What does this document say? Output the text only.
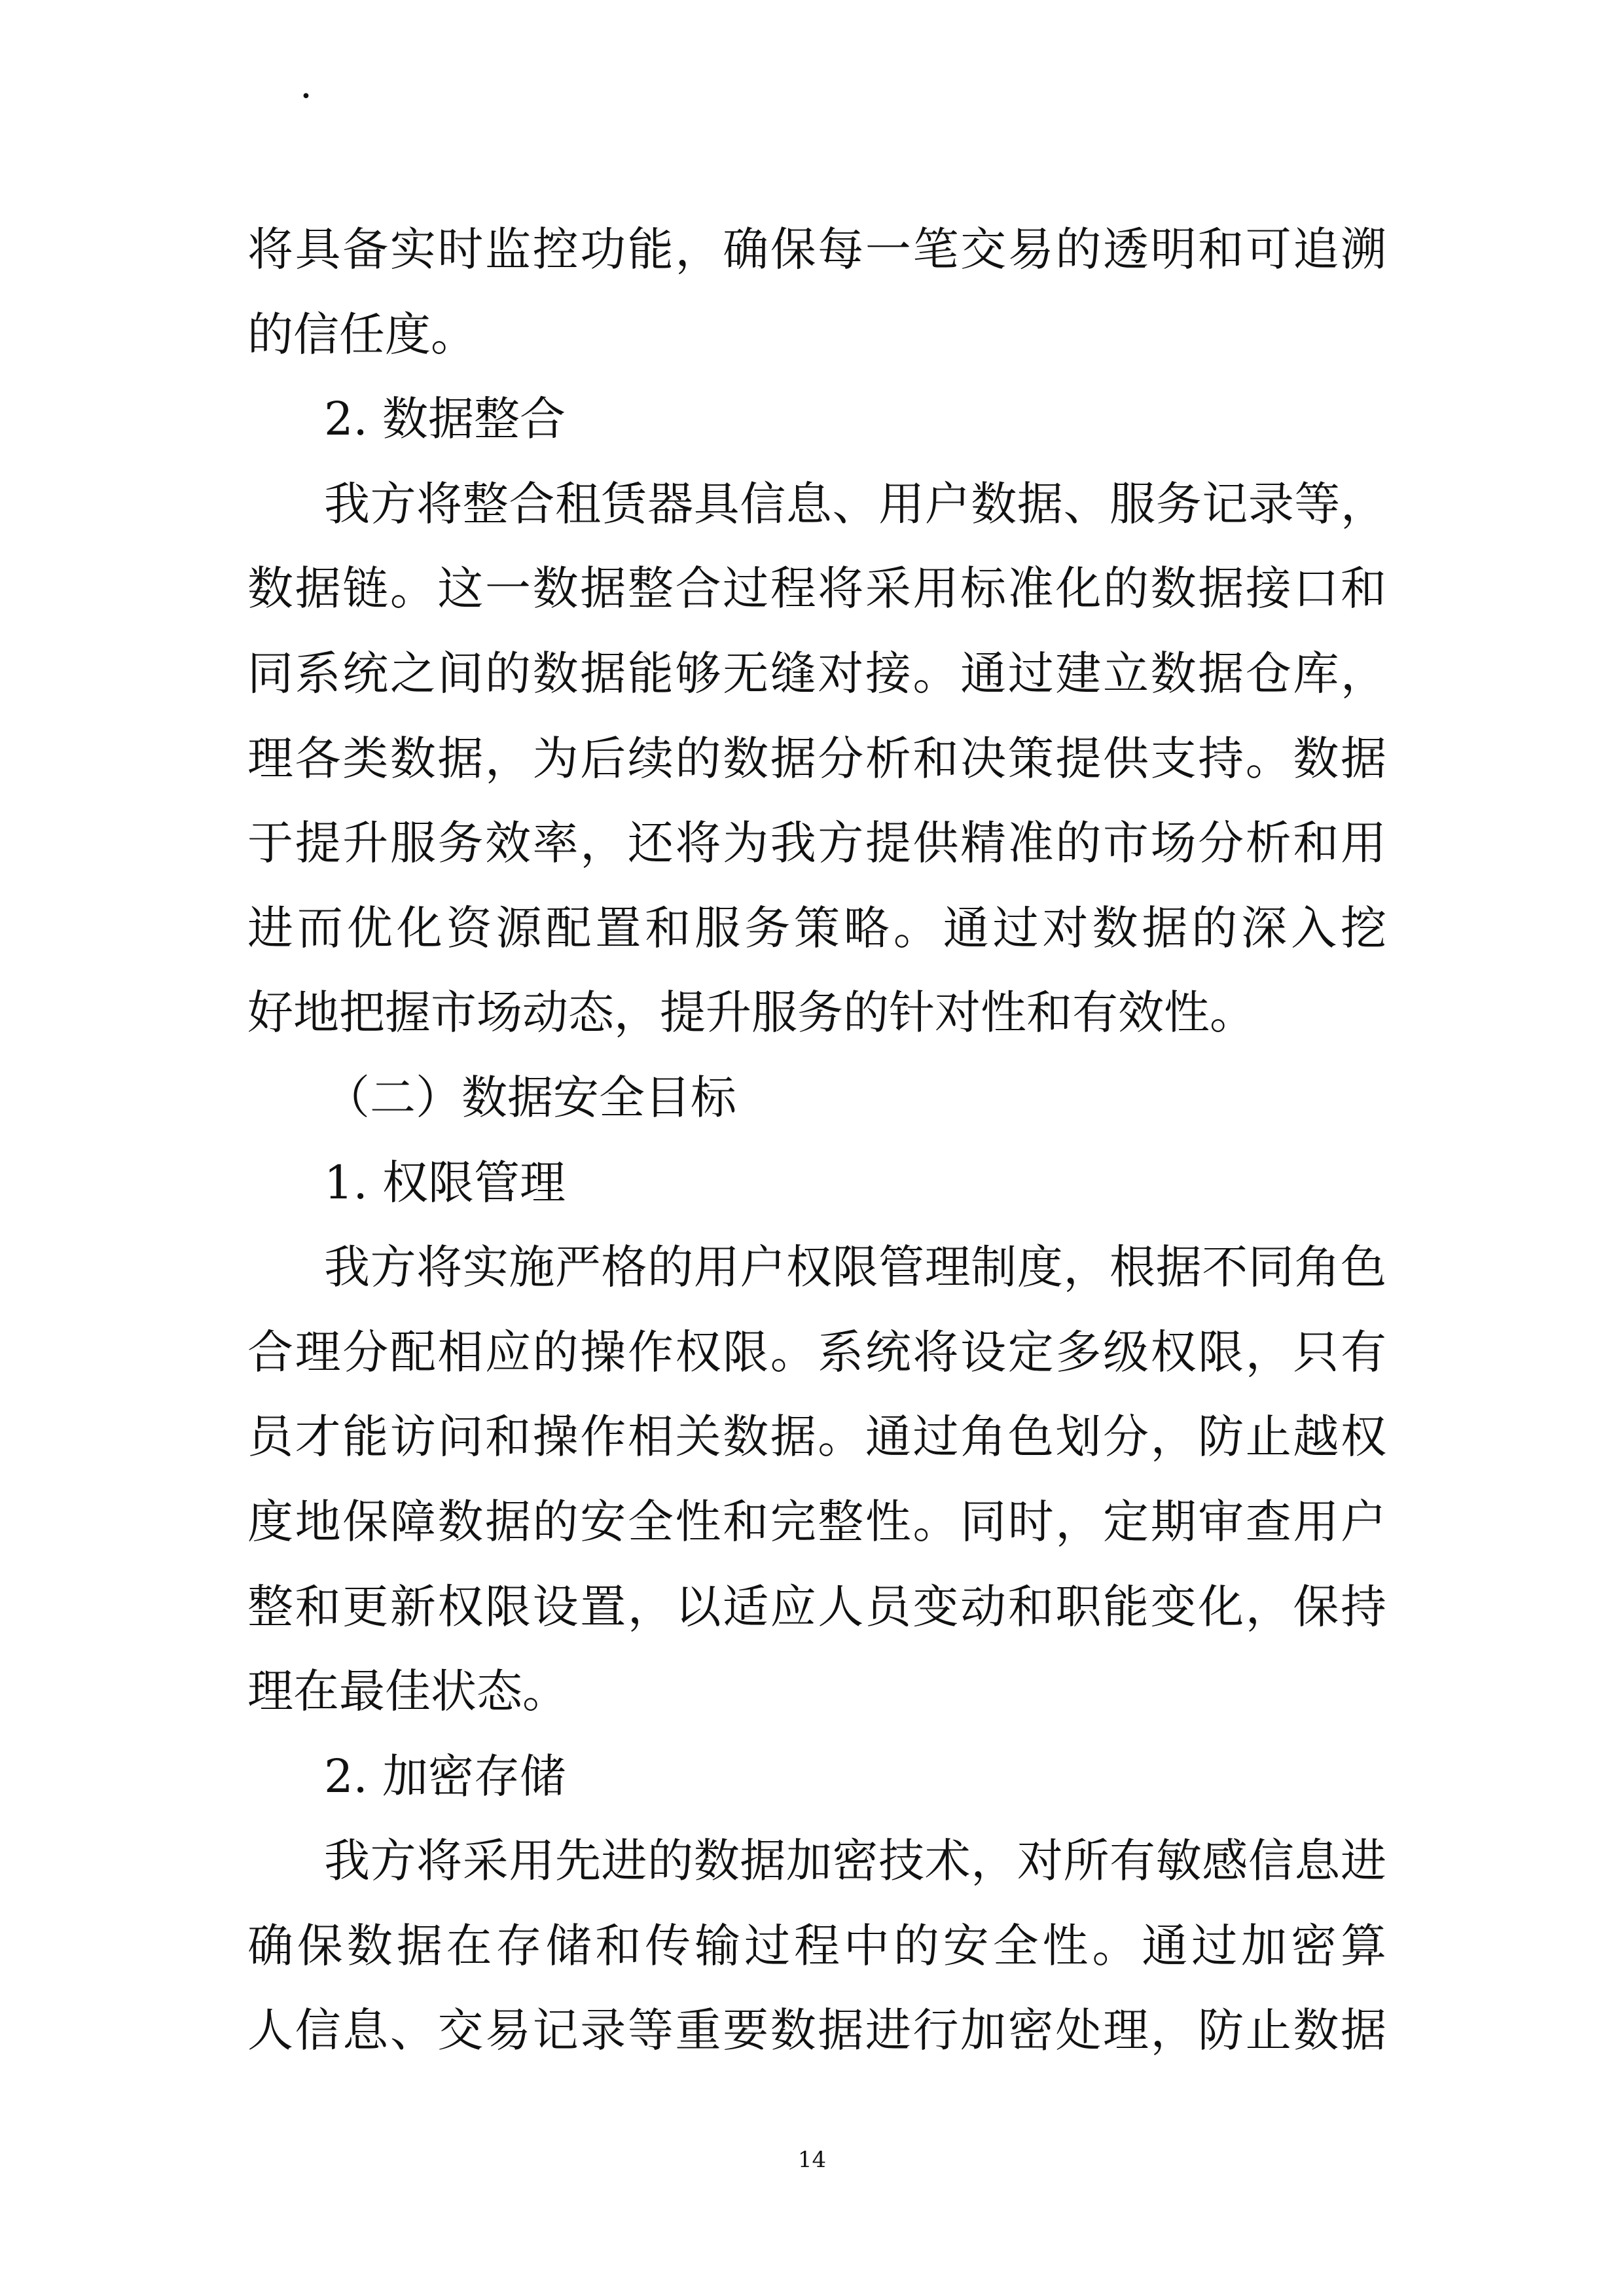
·
将具备实时监控功能，确保每一笔交易的透明和可追溯
的信任度。
2. 数据整合
我方将整合租赁器具信息、用户数据、服务记录等，
数据链。这一数据整合过程将采用标准化的数据接口和
同系统之间的数据能够无缝对接。通过建立数据仓库，
理各类数据，为后续的数据分析和决策提供支持。数据
于提升服务效率，还将为我方提供精准的市场分析和用
进而优化资源配置和服务策略。通过对数据的深入挖
好地把握市场动态，提升服务的针对性和有效性。
（二）数据安全目标
1. 权限管理
我方将实施严格的用户权限管理制度，根据不同角色
合理分配相应的操作权限。系统将设定多级权限，只有
员才能访问和操作相关数据。通过角色划分，防止越权
度地保障数据的安全性和完整性。同时，定期审查用户
整和更新权限设置，以适应人员变动和职能变化，保持
理在最佳状态。
2. 加密存储
我方将采用先进的数据加密技术，对所有敏感信息进
确保数据在存储和传输过程中的安全性。通过加密算
人信息、交易记录等重要数据进行加密处理，防止数据
14
